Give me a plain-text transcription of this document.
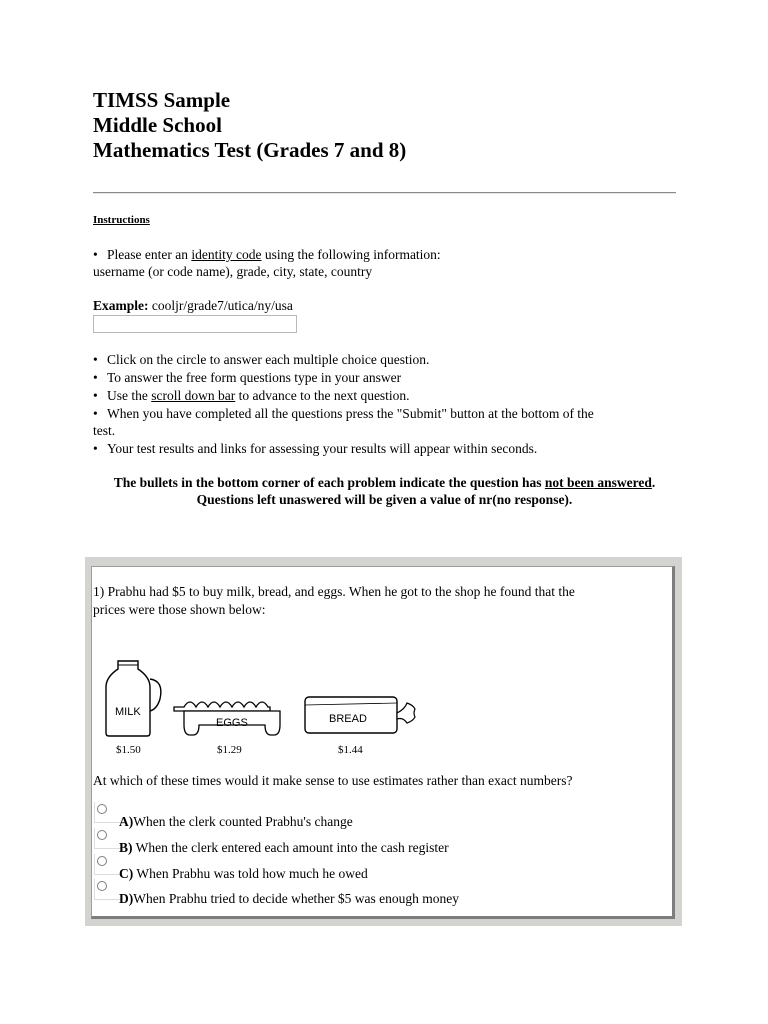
TIMSS Sample
Middle School
Mathematics Test (Grades 7 and 8)
Instructions
• Please enter an identity code using the following information:
username (or code name), grade, city, state, country
Example: cooljr/grade7/utica/ny/usa
• Click on the circle to answer each multiple choice question.
• To answer the free form questions type in your answer
• Use the scroll down bar to advance to the next question.
• When you have completed all the questions press the "Submit" button at the bottom of the
test.
• Your test results and links for assessing your results will appear within seconds.
The bullets in the bottom corner of each problem indicate the question has not been answered. Questions left unaswered will be given a value of nr(no response).
1) Prabhu had $5 to buy milk, bread, and eggs. When he got to the shop he found that the
prices were those shown below:
MILK
EGGS	BREAD
$1.50	$1.29	$1.44
At which of these times would it make sense to use estimates rather than exact numbers?
A)When the clerk counted Prabhu's change
B) When the clerk entered each amount into the cash register
C) When Prabhu was told how much he owed
D)When Prabhu tried to decide whether $5 was enough money
